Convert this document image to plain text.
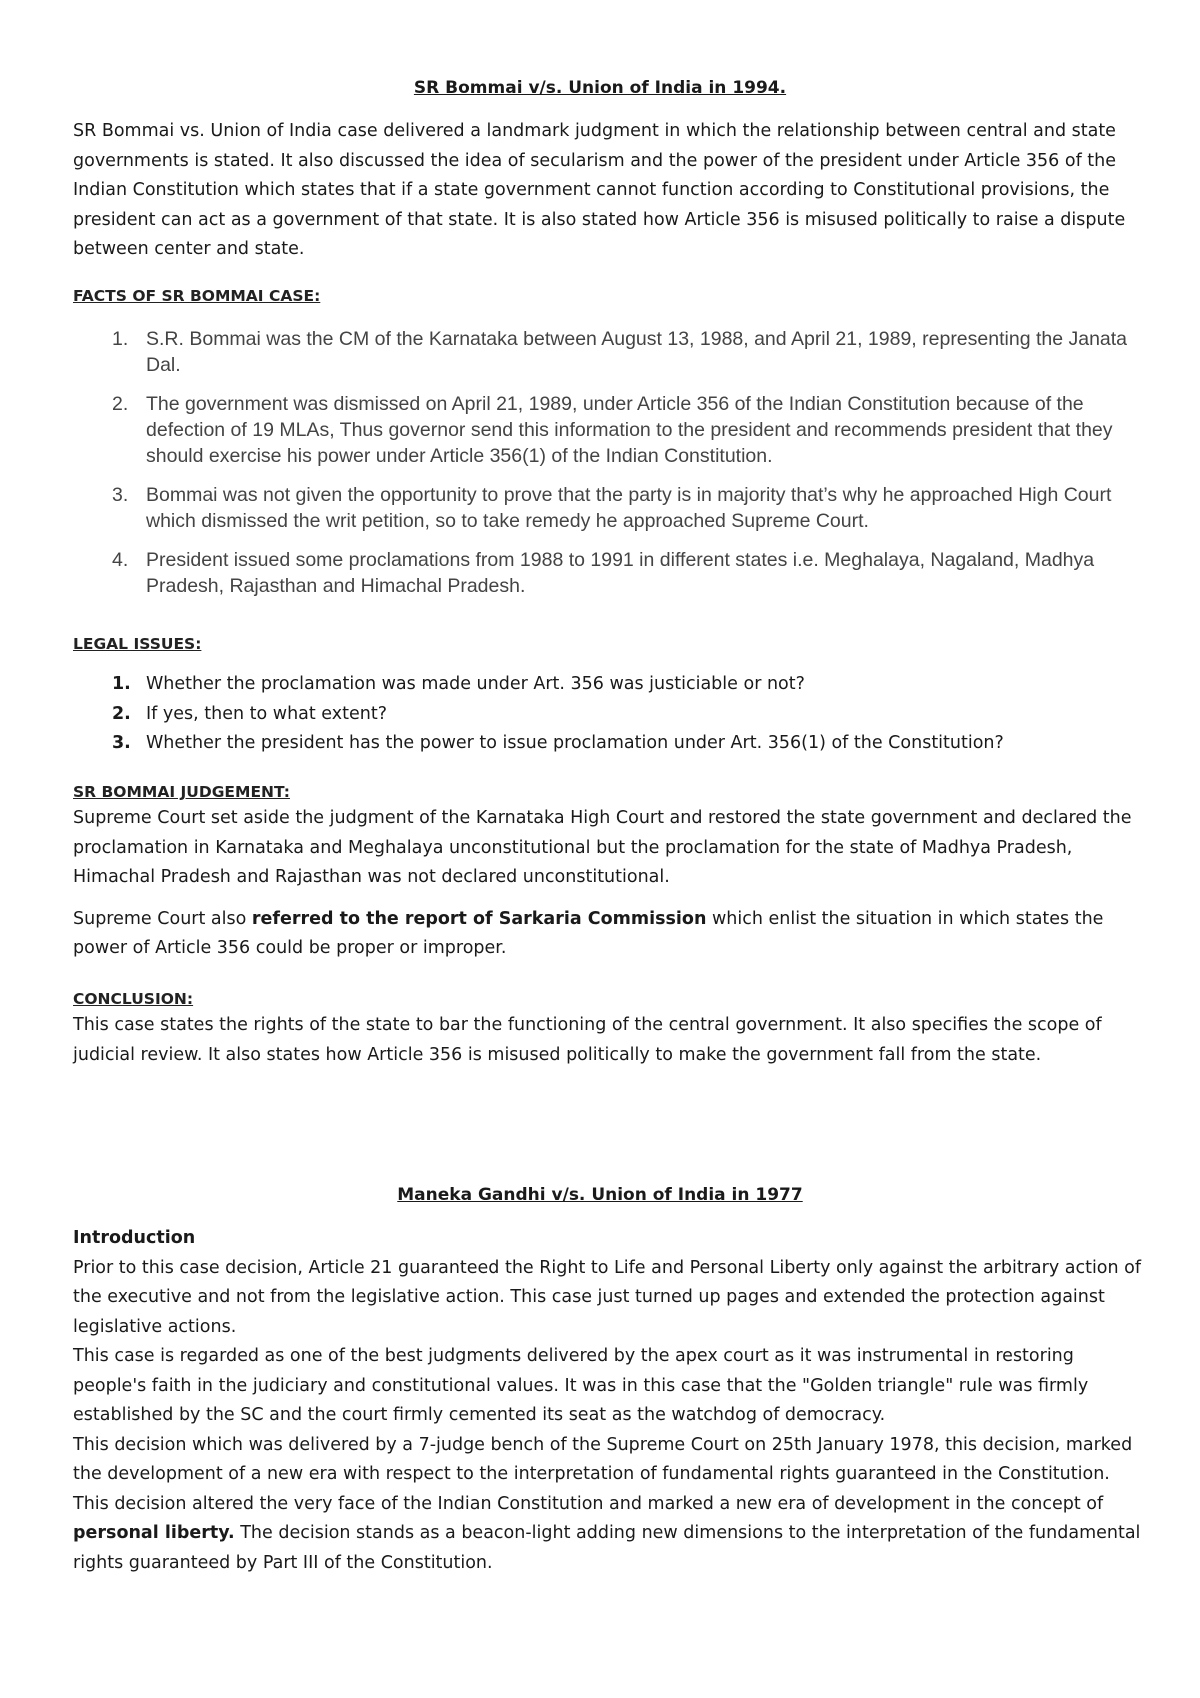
SR Bommai v/s. Union of India in 1994.

SR Bommai vs. Union of India case delivered a landmark judgment in which the relationship between central and state governments is stated. It also discussed the idea of secularism and the power of the president under Article 356 of the Indian Constitution which states that if a state government cannot function according to Constitutional provisions, the president can act as a government of that state. It is also stated how Article 356 is misused politically to raise a dispute between center and state.

FACTS OF SR BOMMAI CASE:

1. S.R. Bommai was the CM of the Karnataka between August 13, 1988, and April 21, 1989, representing the Janata Dal.
2. The government was dismissed on April 21, 1989, under Article 356 of the Indian Constitution because of the defection of 19 MLAs, Thus governor send this information to the president and recommends president that they should exercise his power under Article 356(1) of the Indian Constitution.
3. Bommai was not given the opportunity to prove that the party is in majority that’s why he approached High Court which dismissed the writ petition, so to take remedy he approached Supreme Court.
4. President issued some proclamations from 1988 to 1991 in different states i.e. Meghalaya, Nagaland, Madhya Pradesh, Rajasthan and Himachal Pradesh.

LEGAL ISSUES:

1. Whether the proclamation was made under Art. 356 was justiciable or not?
2. If yes, then to what extent?
3. Whether the president has the power to issue proclamation under Art. 356(1) of the Constitution?

SR BOMMAI JUDGEMENT:

Supreme Court set aside the judgment of the Karnataka High Court and restored the state government and declared the proclamation in Karnataka and Meghalaya unconstitutional but the proclamation for the state of Madhya Pradesh, Himachal Pradesh and Rajasthan was not declared unconstitutional.

Supreme Court also referred to the report of Sarkaria Commission which enlist the situation in which states the power of Article 356 could be proper or improper.

CONCLUSION:

This case states the rights of the state to bar the functioning of the central government. It also specifies the scope of judicial review. It also states how Article 356 is misused politically to make the government fall from the state.

Maneka Gandhi v/s. Union of India in 1977

Introduction

Prior to this case decision, Article 21 guaranteed the Right to Life and Personal Liberty only against the arbitrary action of the executive and not from the legislative action. This case just turned up pages and extended the protection against legislative actions.

This case is regarded as one of the best judgments delivered by the apex court as it was instrumental in restoring people's faith in the judiciary and constitutional values. It was in this case that the "Golden triangle" rule was firmly established by the SC and the court firmly cemented its seat as the watchdog of democracy.

This decision which was delivered by a 7-judge bench of the Supreme Court on 25th January 1978, this decision, marked the development of a new era with respect to the interpretation of fundamental rights guaranteed in the Constitution. This decision altered the very face of the Indian Constitution and marked a new era of development in the concept of personal liberty. The decision stands as a beacon-light adding new dimensions to the interpretation of the fundamental rights guaranteed by Part III of the Constitution.
